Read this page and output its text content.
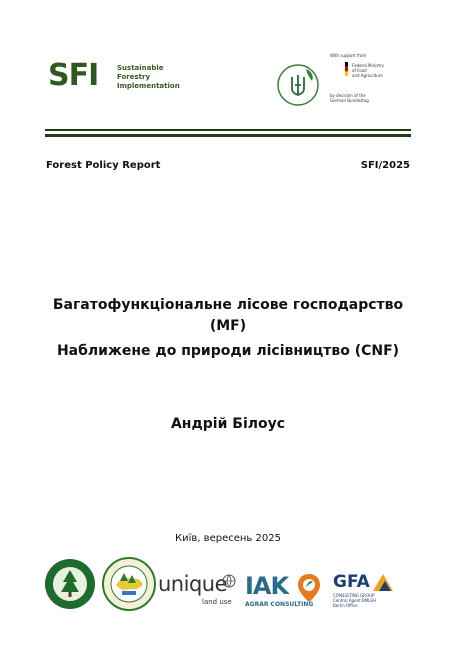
SFI	Sustainable
Forestry
Implementation
With support from
Federal Ministry
of Food
and Agriculture
by decision of the
German Bundestag
Forest Policy Report	SFI/2025
Багатофункціональне лісове господарство
(MF)
Наближене до природи лісівництво (CNF)
Андрій Білоус
Київ, вересень 2025
unique
land use
IAK
AGRAR CONSULTING
GFA
CONSULTING GROUP
Central Agent BMLEH
Berlin Office
